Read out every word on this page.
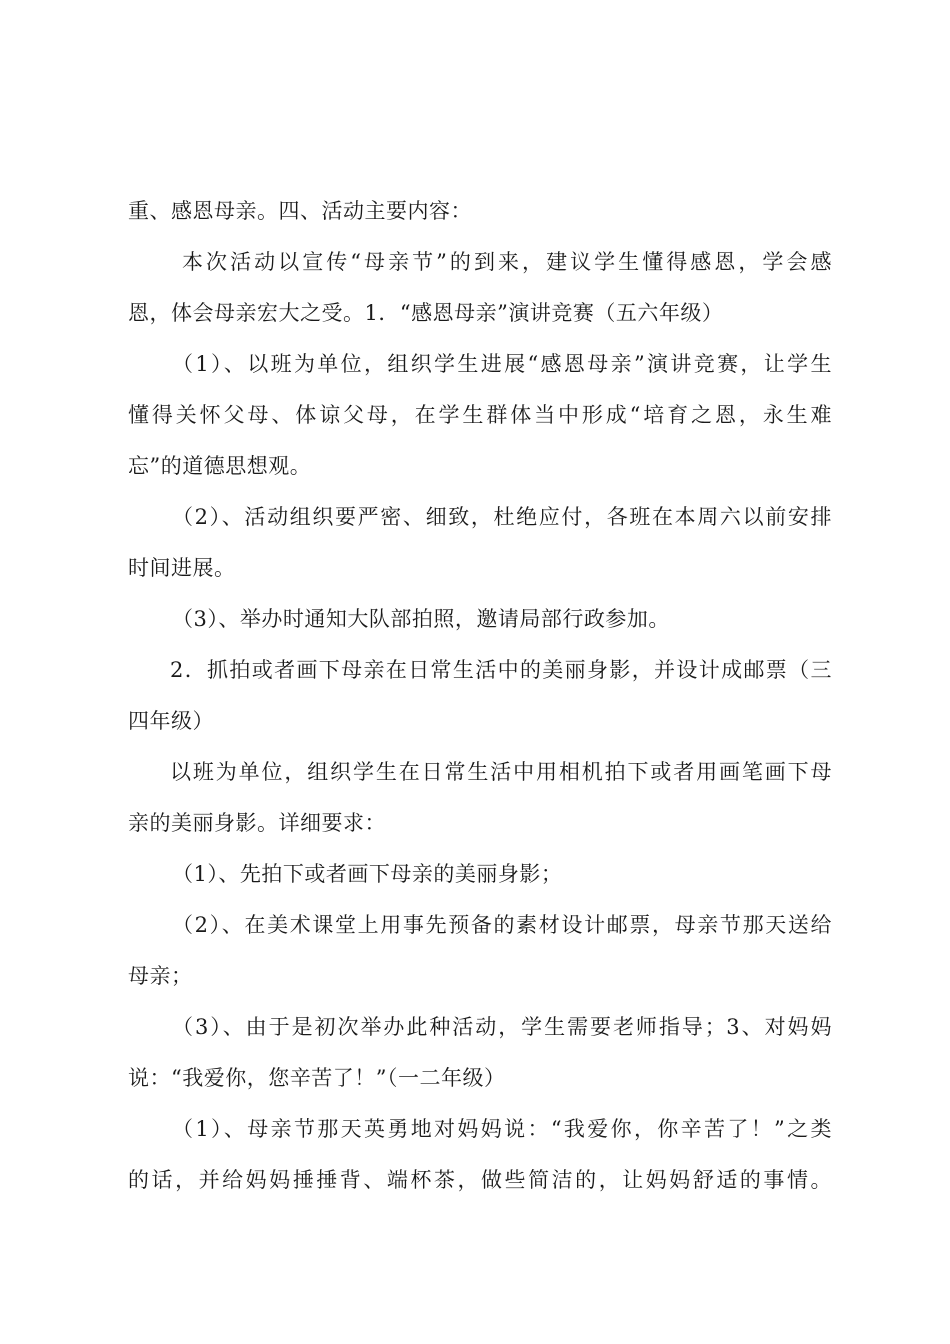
重、感恩母亲。四、活动主要内容：
本次活动以宣传“母亲节”的到来，建议学生懂得感恩，学会感
恩，体会母亲宏大之受。1．“感恩母亲”演讲竞赛（五六年级）
（1）、以班为单位，组织学生进展“感恩母亲”演讲竞赛，让学生
懂得关怀父母、体谅父母，在学生群体当中形成“培育之恩，永生难
忘”的道德思想观。
（2）、活动组织要严密、细致，杜绝应付，各班在本周六以前安排
时间进展。
（3）、举办时通知大队部拍照，邀请局部行政参加。
2．抓拍或者画下母亲在日常生活中的美丽身影，并设计成邮票（三
四年级）
以班为单位，组织学生在日常生活中用相机拍下或者用画笔画下母
亲的美丽身影。详细要求：
（1）、先拍下或者画下母亲的美丽身影；
（2）、在美术课堂上用事先预备的素材设计邮票，母亲节那天送给
母亲；
（3）、由于是初次举办此种活动，学生需要老师指导；3、对妈妈
说：“我爱你，您辛苦了！”（一二年级）
（1）、母亲节那天英勇地对妈妈说：“我爱你，你辛苦了！”之类
的话，并给妈妈捶捶背、端杯茶，做些简洁的，让妈妈舒适的事情。
